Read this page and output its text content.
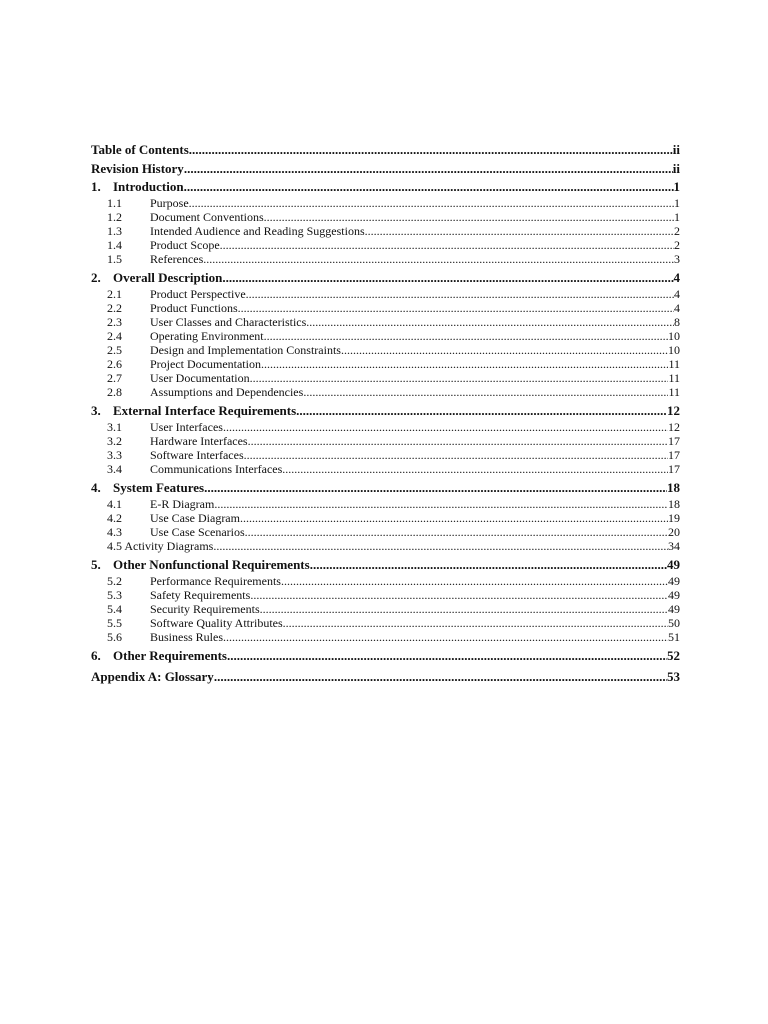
Table of Contents .....	ii
Revision History .....	ii
1. Introduction .....	1
1.1	Purpose .....	1
1.2	Document Conventions .....	1
1.3	Intended Audience and Reading Suggestions .....	2
1.4	Product Scope .....	2
1.5	References .....	3
2. Overall Description .....	4
2.1	Product Perspective .....	4
2.2	Product Functions .....	4
2.3	User Classes and Characteristics .....	8
2.4	Operating Environment .....	10
2.5	Design and Implementation Constraints .....	10
2.6	Project Documentation .....	11
2.7	User Documentation .....	11
2.8	Assumptions and Dependencies .....	11
3. External Interface Requirements .....	12
3.1	User Interfaces .....	12
3.2	Hardware Interfaces .....	17
3.3	Software Interfaces .....	17
3.4	Communications Interfaces .....	17
4. System Features .....	18
4.1	E-R Diagram .....	18
4.2	Use Case Diagram .....	19
4.3	Use Case Scenarios .....	20
4.5 Activity Diagrams .....	34
5. Other Nonfunctional Requirements .....	49
5.2	Performance Requirements .....	49
5.3	Safety Requirements .....	49
5.4	Security Requirements .....	49
5.5	Software Quality Attributes .....	50
5.6	Business Rules .....	51
6. Other Requirements .....	52
Appendix A: Glossary .....	53
